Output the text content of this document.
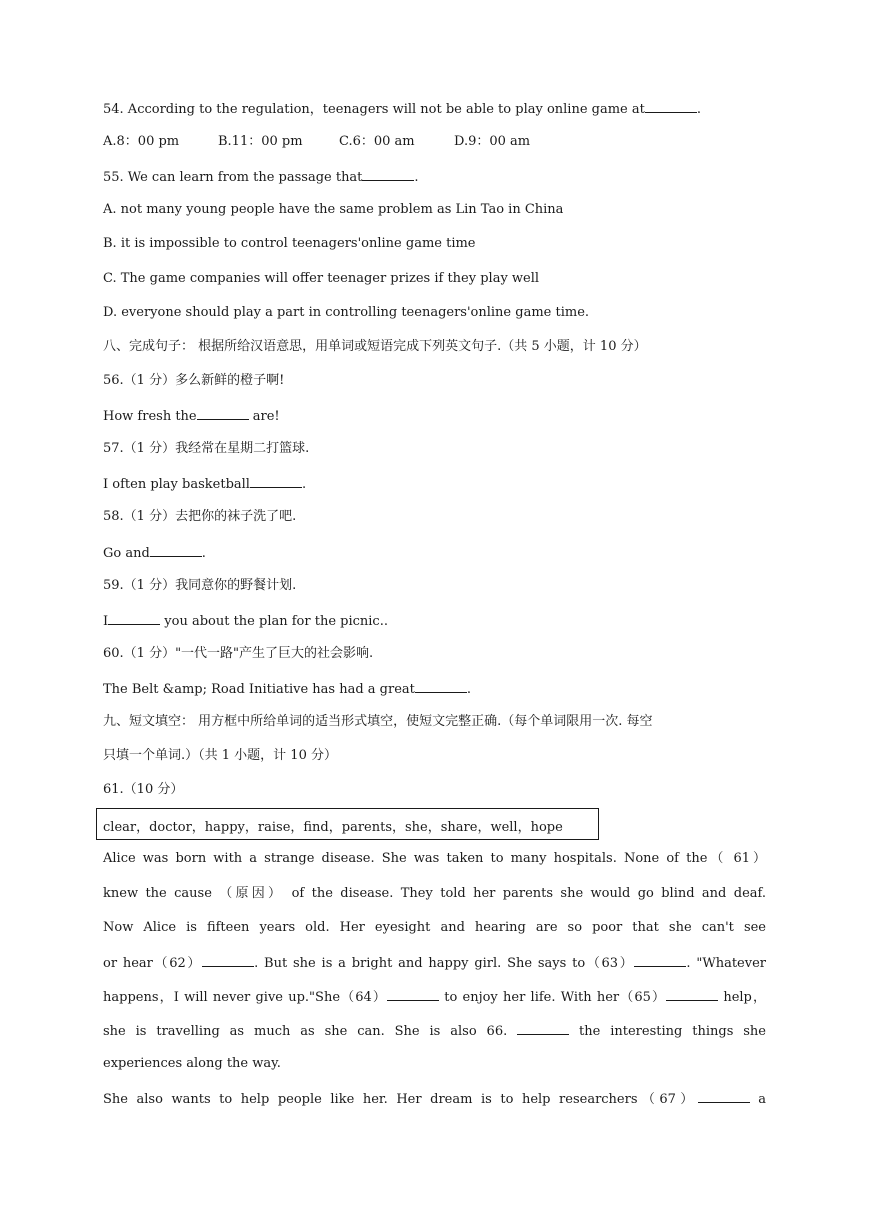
54. According to the regulation，teenagers will not be able to play online game at	.
A.8：00 pm	B.11：00 pm	C.6：00 am	D.9：00 am
55. We can learn from the passage that	.
A. not many young people have the same problem as Lin Tao in China
B. it is impossible to control teenagers'online game time
C. The game companies will offer teenager prizes if they play well
D. everyone should play a part in controlling teenagers'online game time.
八、完成句子： 根据所给汉语意思，用单词或短语完成下列英文句子.（共 5 小题，计 10 分）
56.（1 分）多么新鲜的橙子啊!
How fresh the	are!
57.（1 分）我经常在星期二打篮球.
I often play basketball	.
58.（1 分）去把你的袜子洗了吧.
Go and	.
59.（1 分）我同意你的野餐计划.
I	you about the plan for the picnic..
60.（1 分）"一代一路"产生了巨大的社会影响.
The Belt &amp; Road Initiative has had a great	.
九、短文填空： 用方框中所给单词的适当形式填空，使短文完整正确.（每个单词限用一次. 每空
只填一个单词.）（共 1 小题，计 10 分）
61.（10 分）
clear，doctor，happy，raise，find，parents，she，share，well，hope
Alice was born with a strange disease. She was taken to many hospitals. None of the（ 61）
knew the cause （原因） of the disease. They told her parents she would go blind and deaf.
Now Alice is fifteen years old. Her eyesight and hearing are so poor that she can't see
or hear（62）	. But she is a bright and happy girl. She says to（63）	. "Whatever
happens，I will never give up."She（64）	to enjoy her life. With her（65）	help，
she is travelling as much as she can. She is also 66.	the interesting things she
experiences along the way.
She also wants to help people like her. Her dream is to help researchers（67）	a
